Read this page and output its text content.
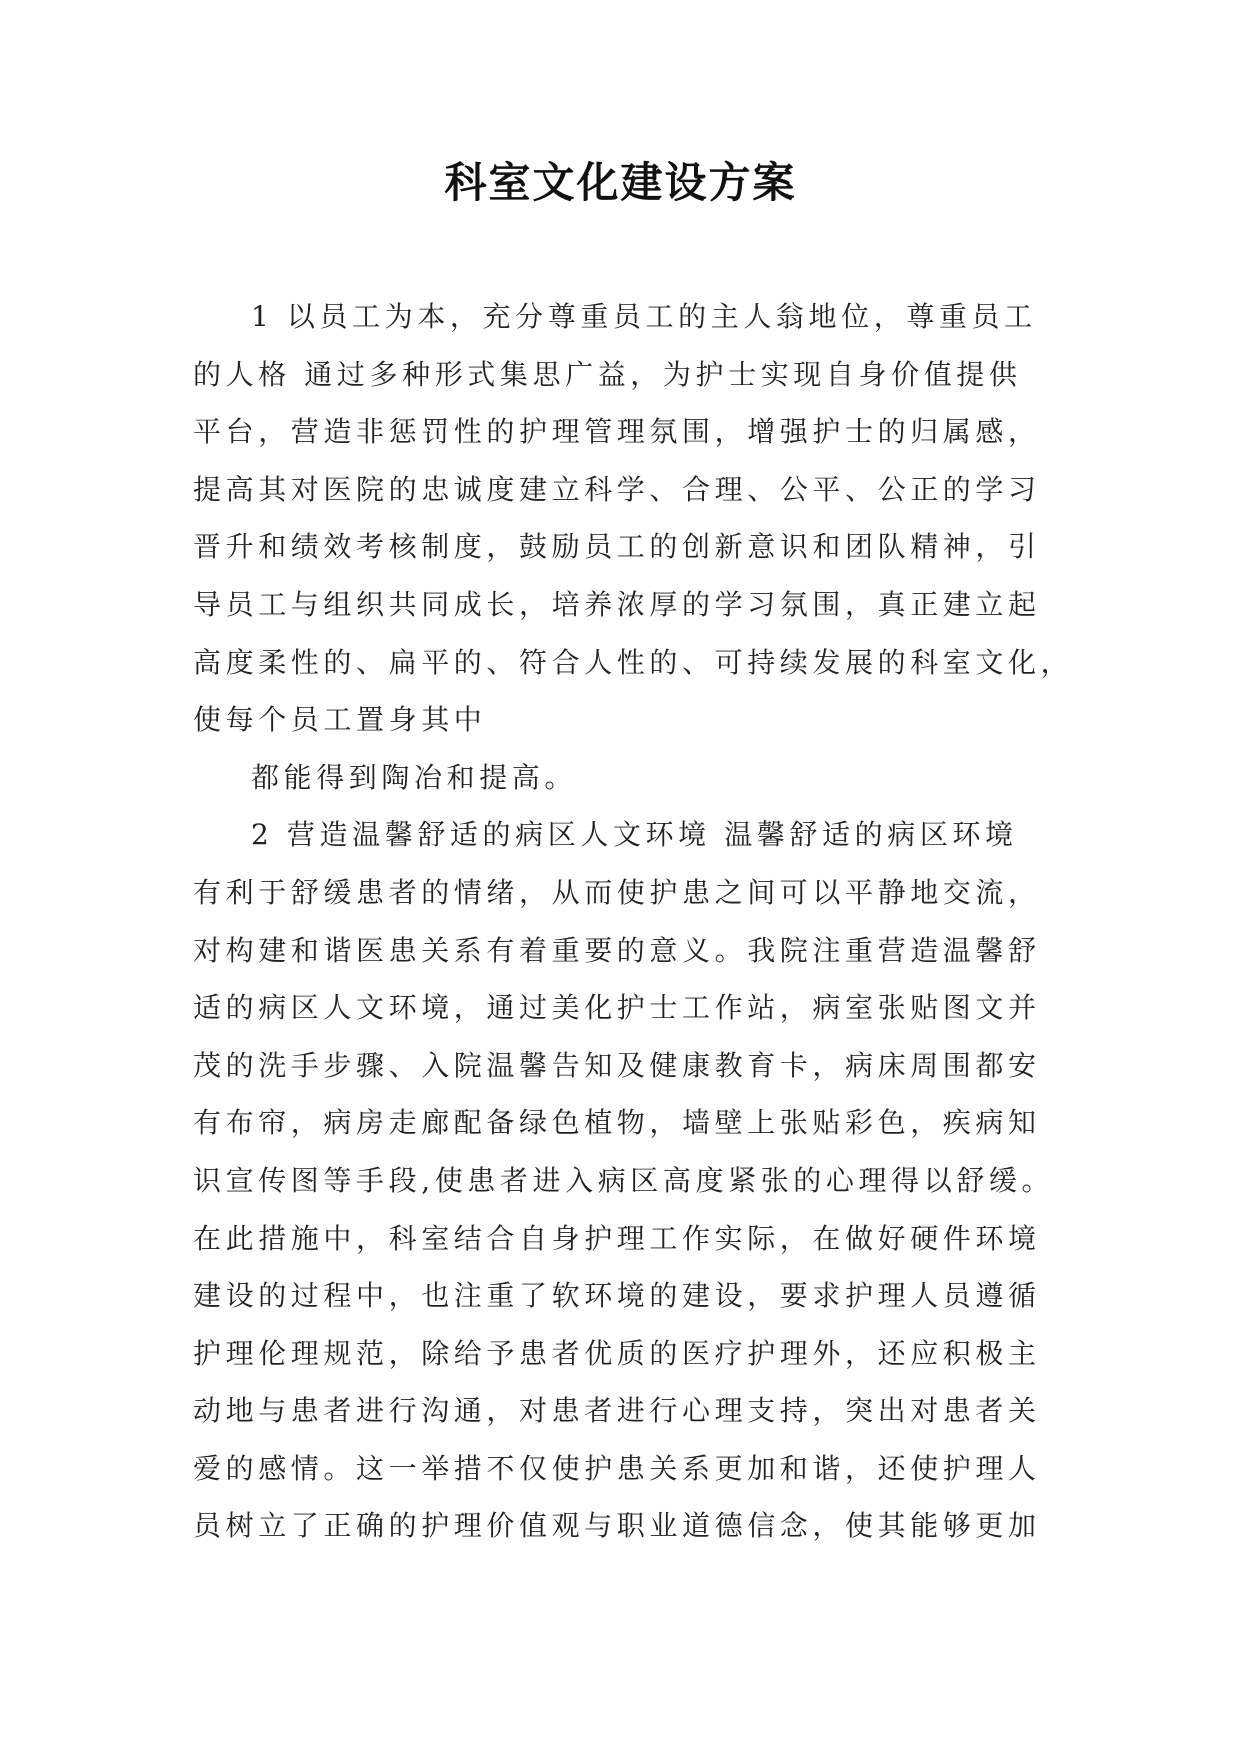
科室文化建设方案
1 以员工为本，充分尊重员工的主人翁地位，尊重员工
的人格 通过多种形式集思广益，为护士实现自身价值提供
平台，营造非惩罚性的护理管理氛围，增强护士的归属感，
提高其对医院的忠诚度建立科学、合理、公平、公正的学习
晋升和绩效考核制度，鼓励员工的创新意识和团队精神，引
导员工与组织共同成长，培养浓厚的学习氛围，真正建立起
高度柔性的、扁平的、符合人性的、可持续发展的科室文化，
使每个员工置身其中
都能得到陶冶和提高。
2 营造温馨舒适的病区人文环境 温馨舒适的病区环境
有利于舒缓患者的情绪，从而使护患之间可以平静地交流，
对构建和谐医患关系有着重要的意义。我院注重营造温馨舒
适的病区人文环境，通过美化护士工作站，病室张贴图文并
茂的洗手步骤、入院温馨告知及健康教育卡，病床周围都安
有布帘，病房走廊配备绿色植物，墙壁上张贴彩色，疾病知
识宣传图等手段,使患者进入病区高度紧张的心理得以舒缓。
在此措施中，科室结合自身护理工作实际，在做好硬件环境
建设的过程中，也注重了软环境的建设，要求护理人员遵循
护理伦理规范，除给予患者优质的医疗护理外，还应积极主
动地与患者进行沟通，对患者进行心理支持，突出对患者关
爱的感情。这一举措不仅使护患关系更加和谐，还使护理人
员树立了正确的护理价值观与职业道德信念，使其能够更加
